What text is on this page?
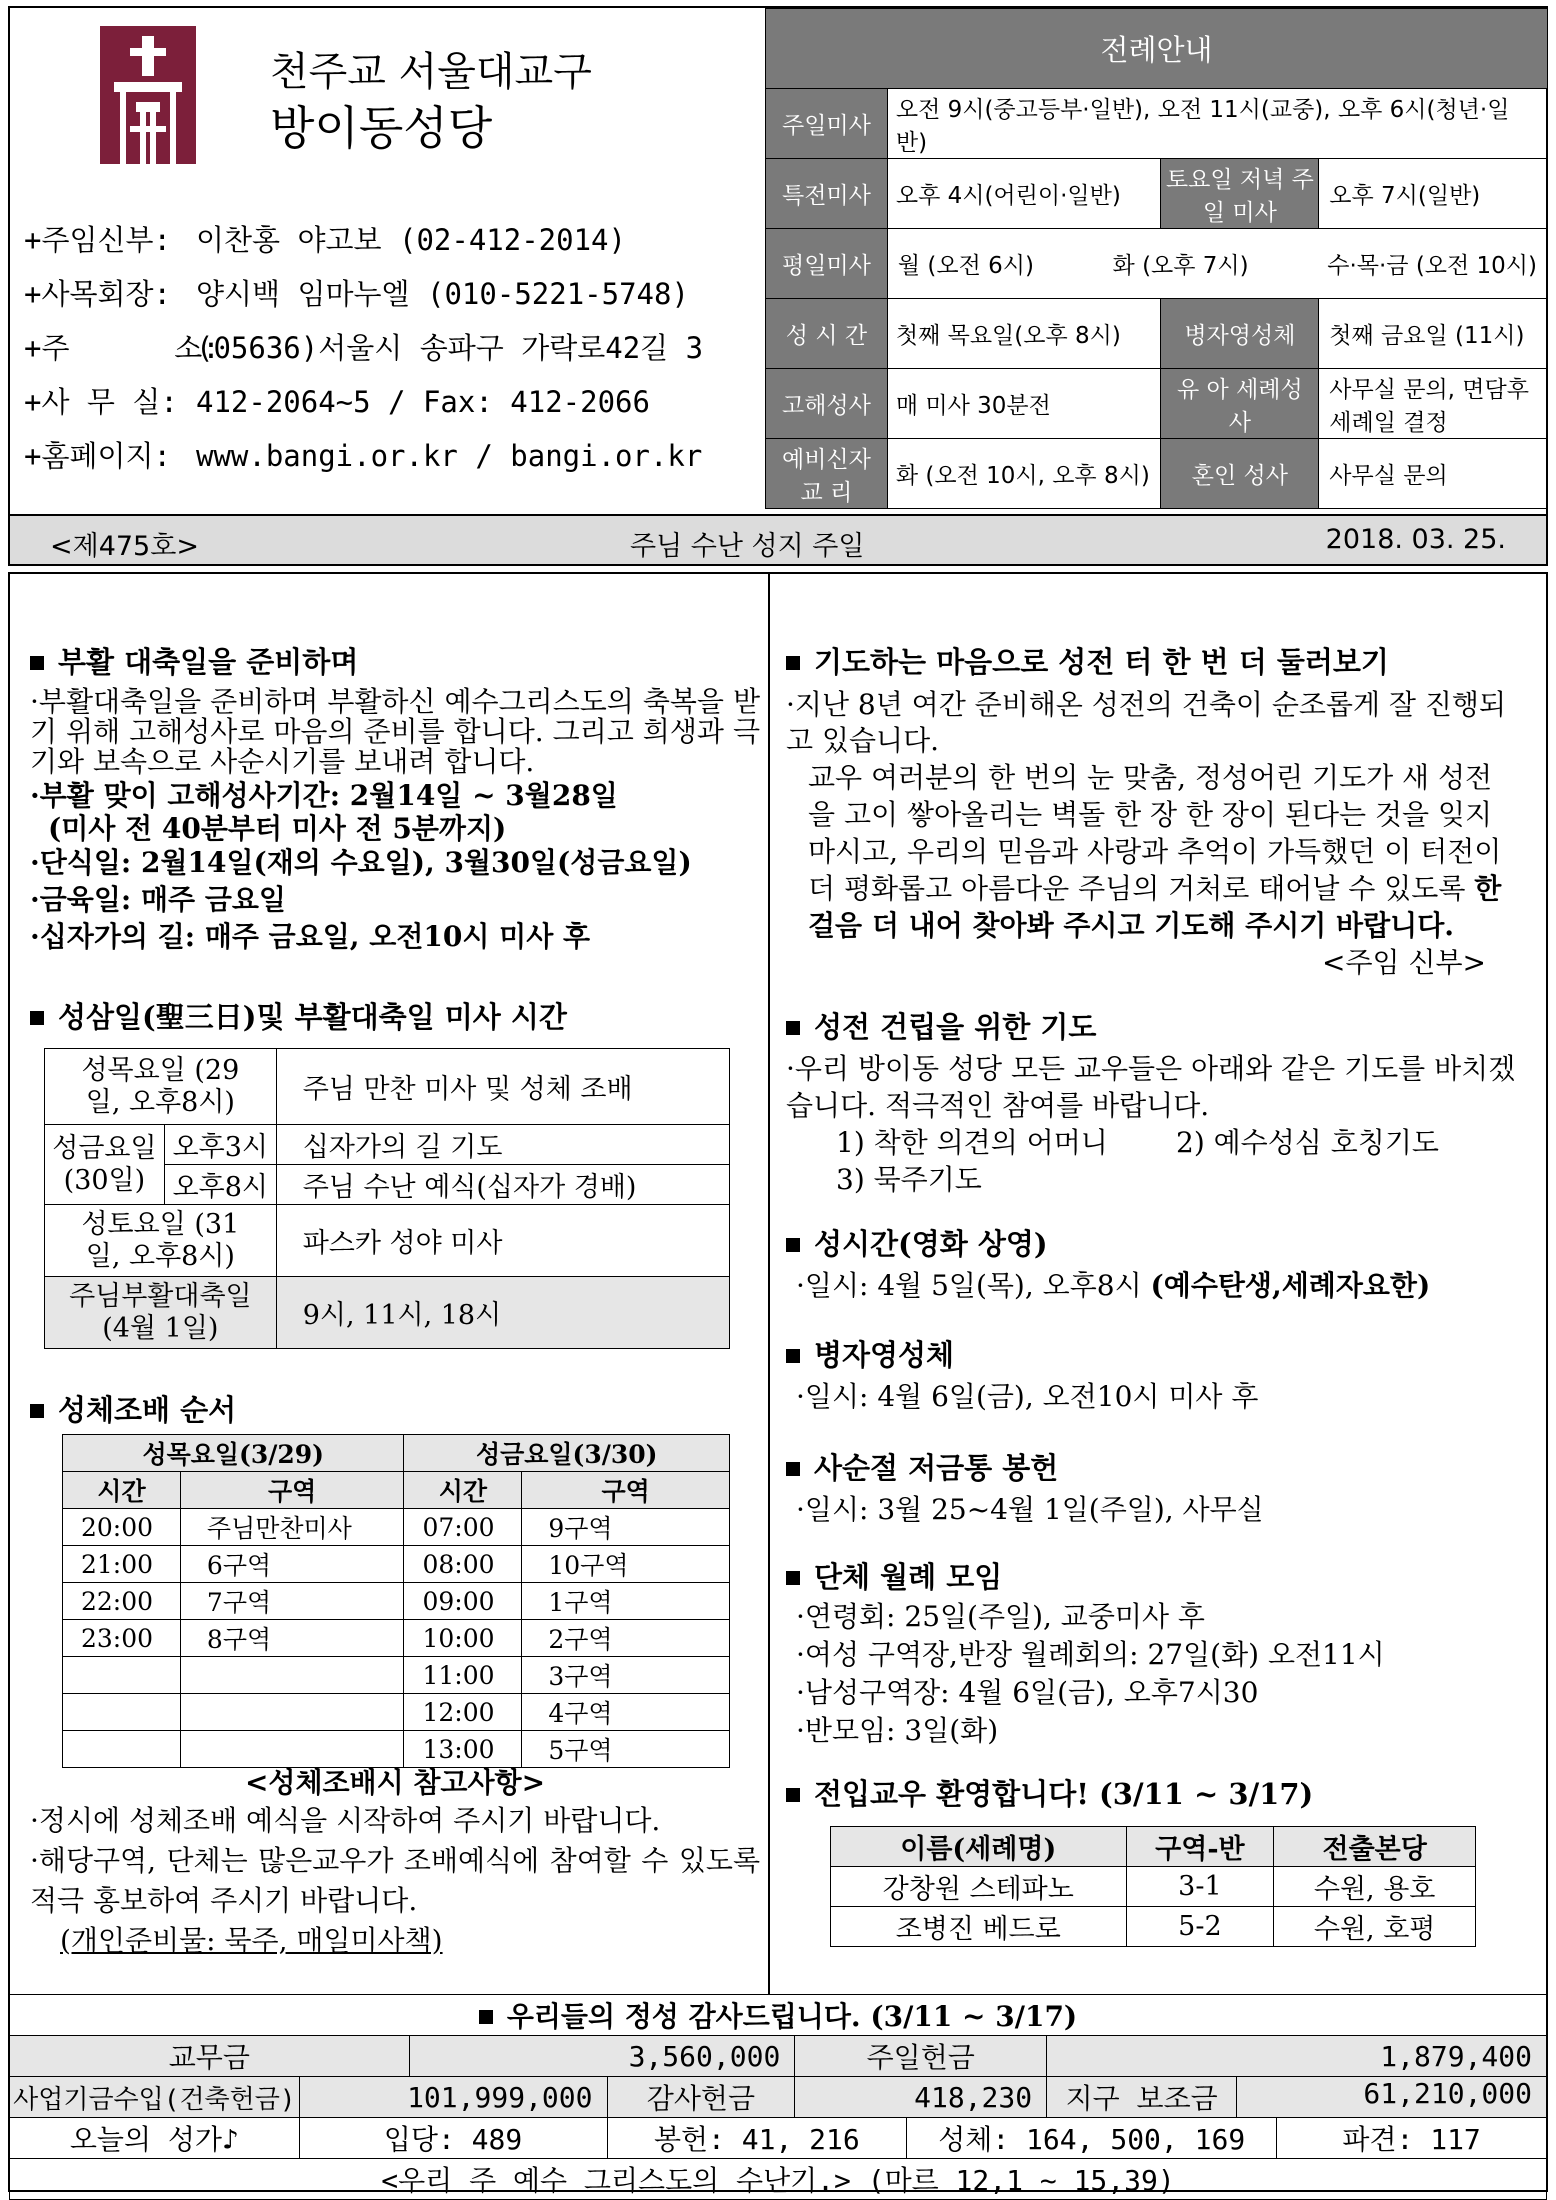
천주교 서울대교구
방이동성당
+주임신부: 이찬홍 야고보 (02-412-2014)
+사목회장: 양시백 임마누엘 (010-5221-5748)
+주      소:(05636)서울시 송파구 가락로42길 3
+사 무 실: 412-2064~5 / Fax: 412-2066
+홈페이지: www.bangi.or.kr / bangi.or.kr
전례안내			
주일미사	오전 9시(중고등부·일반), 오전 11시(교중), 오후 6시(청년·일반)		
특전미사	오후 4시(어린이·일반)	토요일 저녁 주일 미사	오후 7시(일반)
평일미사	월 (오전 6시) 화 (오후 7시) 수·목·금 (오전 10시)		

성 시 간	첫째 목요일(오후 8시)	병자영성체	첫째 금요일 (11시)
고해성사	매 미사 30분전	유 아 세례성사	사무실 문의, 면담후 세례일 결정
예비신자 교 리	화 (오전 10시, 오후 8시)	혼인 성사	사무실 문의
<제475호>	주님 수난 성지 주일	2018. 03. 25.
부활 대축일을 준비하며
·부활대축일을 준비하며 부활하신 예수그리스도의 축복을 받기 위해 고해성사로 마음의 준비를 합니다. 그리고 희생과 극기와 보속으로 사순시기를 보내려 합니다.
·부활 맞이 고해성사기간: 2월14일 ~ 3월28일
(미사 전 40분부터 미사 전 5분까지)
·단식일: 2월14일(재의 수요일), 3월30일(성금요일)
·금육일: 매주 금요일
·십자가의 길: 매주 금요일, 오전10시 미사 후
성삼일(聖三日)및 부활대축일 미사 시간
성목요일 (29일, 오후8시)		주님 만찬 미사 및 성체 조배
성금요일 (30일)	오후3시	십자가의 길 기도
	오후8시	주님 수난 예식(십자가 경배)
성토요일 (31일, 오후8시)		파스카 성야 미사
주님부활대축일 (4월 1일)		9시, 11시, 18시
성체조배 순서
성목요일(3/29)		성금요일(3/30)	
시간	구역	시간	구역
20:00	주님만찬미사	07:00	9구역
21:00	6구역	08:00	10구역
22:00	7구역	09:00	1구역
23:00	8구역	10:00	2구역
		11:00	3구역
		12:00	4구역
		13:00	5구역
<성체조배시 참고사항>
·정시에 성체조배 예식을 시작하여 주시기 바랍니다.
·해당구역, 단체는 많은교우가 조배예식에 참여할 수 있도록 적극 홍보하여 주시기 바랍니다.
(개인준비물: 묵주, 매일미사책)
기도하는 마음으로 성전 터 한 번 더 둘러보기
·지난 8년 여간 준비해온 성전의 건축이 순조롭게 잘 진행되고 있습니다.
교우 여러분의 한 번의 눈 맞춤, 정성어린 기도가 새 성전을 고이 쌓아올리는 벽돌 한 장 한 장이 된다는 것을 잊지 마시고, 우리의 믿음과 사랑과 추억이 가득했던 이 터전이 더 평화롭고 아름다운 주님의 거처로 태어날 수 있도록 한걸음 더 내어 찾아봐 주시고 기도해 주시기 바랍니다.
<주임 신부>
성전 건립을 위한 기도
·우리 방이동 성당 모든 교우들은 아래와 같은 기도를 바치겠습니다. 적극적인 참여를 바랍니다.
1) 착한 의견의 어머니 2) 예수성심 호칭기도
3) 묵주기도
성시간(영화 상영)
·일시: 4월 5일(목), 오후8시 (예수탄생,세례자요한)
병자영성체
·일시: 4월 6일(금), 오전10시 미사 후
사순절 저금통 봉헌
·일시: 3월 25~4월 1일(주일), 사무실
단체 월례 모임
·연령회: 25일(주일), 교중미사 후
·여성 구역장,반장 월례회의: 27일(화) 오전11시
·남성구역장: 4월 6일(금), 오후7시30
·반모임: 3일(화)
전입교우 환영합니다! (3/11 ~ 3/17)
이름(세례명)	구역-반	전출본당
강창원 스테파노	3-1	수원, 용호
조병진 베드로	5-2	수원, 호평
우리들의 정성 감사드립니다. (3/11 ~ 3/17)						
교무금		3,560,000		주일헌금		1,879,400
사업기금수입(건축헌금)	101,999,000		감사헌금	418,230		지구 보조금 61,210,000

오늘의 성가♪	입당: 489		봉헌: 41, 216		성체: 164, 500, 169 파견: 117	

<우리 주 예수 그리스도의 수난기.> (마르 12,1 ~ 15,39)						
